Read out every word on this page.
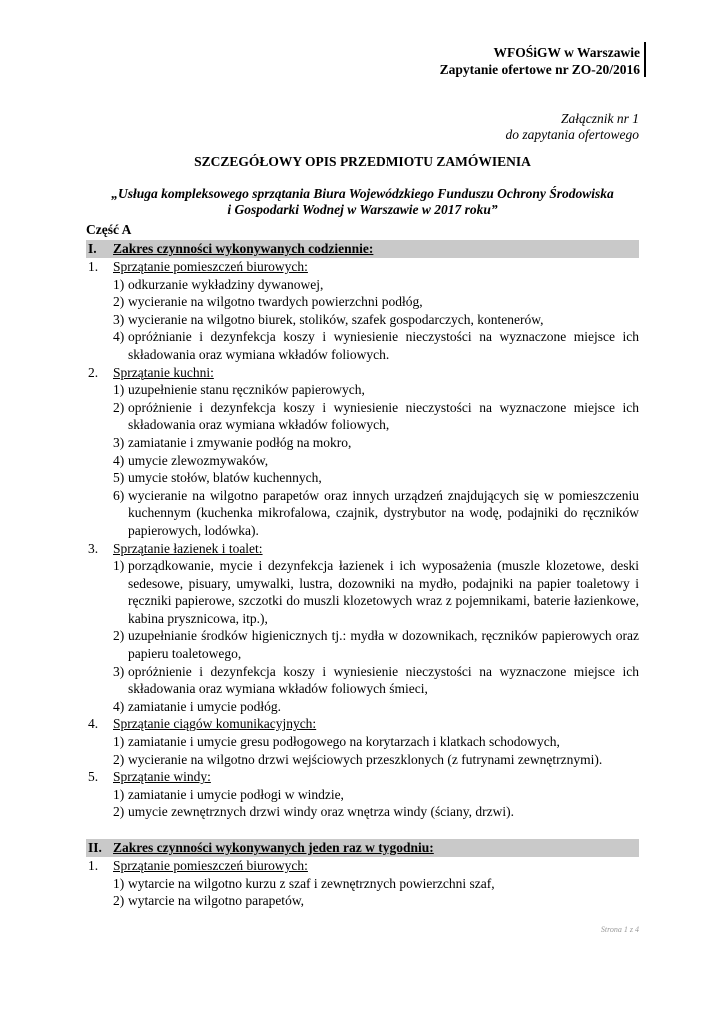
WFOŚiGW w Warszawie
Zapytanie ofertowe nr ZO-20/2016
Załącznik nr 1
do zapytania ofertowego
SZCZEGÓŁOWY OPIS PRZEDMIOTU ZAMÓWIENIA
„Usługa kompleksowego sprzątania Biura Wojewódzkiego Funduszu Ochrony Środowiska
i Gospodarki Wodnej w Warszawie w 2017 roku”
Część A
I. Zakres czynności wykonywanych codziennie:
1. Sprzątanie pomieszczeń biurowych:
1) odkurzanie wykładziny dywanowej,
2) wycieranie na wilgotno twardych powierzchni podłóg,
3) wycieranie na wilgotno biurek, stolików, szafek gospodarczych, kontenerów,
4) opróżnianie i dezynfekcja koszy i wyniesienie nieczystości na wyznaczone miejsce ich składowania oraz wymiana wkładów foliowych.
2. Sprzątanie kuchni:
1) uzupełnienie stanu ręczników papierowych,
2) opróżnienie i dezynfekcja koszy i wyniesienie nieczystości na wyznaczone miejsce ich składowania oraz wymiana wkładów foliowych,
3) zamiatanie i zmywanie podłóg na mokro,
4) umycie zlewozmywaków,
5) umycie stołów, blatów kuchennych,
6) wycieranie na wilgotno parapetów oraz innych urządzeń znajdujących się w pomieszczeniu kuchennym (kuchenka mikrofalowa, czajnik, dystrybutor na wodę, podajniki do ręczników papierowych, lodówka).
3. Sprzątanie łazienek i toalet:
1) porządkowanie, mycie i dezynfekcja łazienek i ich wyposażenia (muszle klozetowe, deski sedesowe, pisuary, umywalki, lustra, dozowniki na mydło, podajniki na papier toaletowy i ręczniki papierowe, szczotki do muszli klozetowych wraz z pojemnikami, baterie łazienkowe, kabina prysznicowa, itp.),
2) uzupełnianie środków higienicznych tj.: mydła w dozownikach, ręczników papierowych oraz papieru toaletowego,
3) opróżnienie i dezynfekcja koszy i wyniesienie nieczystości na wyznaczone miejsce ich składowania oraz wymiana wkładów foliowych śmieci,
4) zamiatanie i umycie podłóg.
4. Sprzątanie ciągów komunikacyjnych:
1) zamiatanie i umycie gresu podłogowego na korytarzach i klatkach schodowych,
2) wycieranie na wilgotno drzwi wejściowych przeszklonych (z futrynami zewnętrznymi).
5. Sprzątanie windy:
1) zamiatanie i umycie podłogi w windzie,
2) umycie zewnętrznych drzwi windy oraz wnętrza windy (ściany, drzwi).
II. Zakres czynności wykonywanych jeden raz w tygodniu:
1. Sprzątanie pomieszczeń biurowych:
1) wytarcie na wilgotno kurzu z szaf i zewnętrznych powierzchni szaf,
2) wytarcie na wilgotno parapetów,
Strona 1 z 4
